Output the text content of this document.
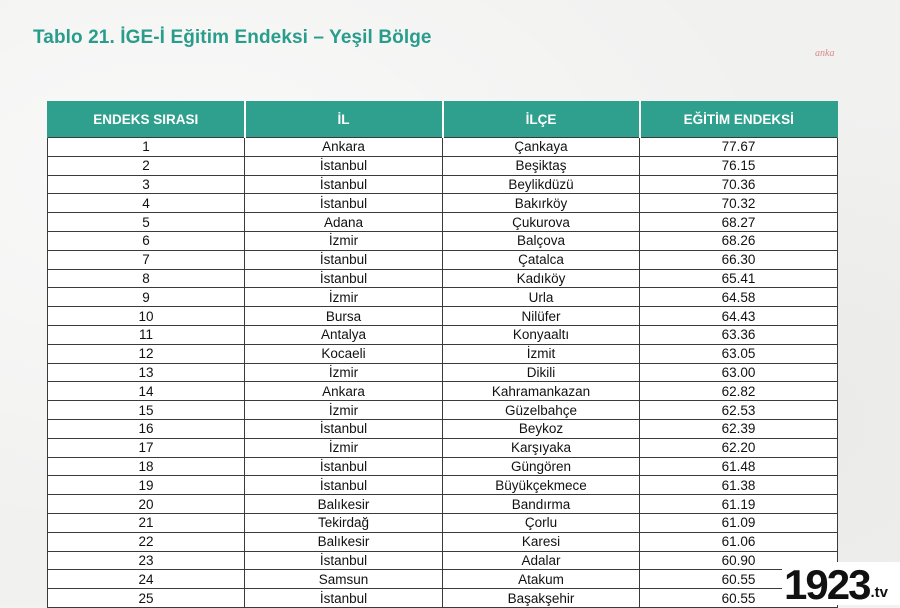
Tablo 21. İGE-İ Eğitim Endeksi – Yeşil Bölge
anka
ENDEKS SIRASI	İL	İLÇE	EĞİTİM ENDEKSİ
1	Ankara	Çankaya	77.67
2	İstanbul	Beşiktaş	76.15
3	İstanbul	Beylikdüzü	70.36
4	İstanbul	Bakırköy	70.32
5	Adana	Çukurova	68.27
6	İzmir	Balçova	68.26
7	İstanbul	Çatalca	66.30
8	İstanbul	Kadıköy	65.41
9	İzmir	Urla	64.58
10	Bursa	Nilüfer	64.43
11	Antalya	Konyaaltı	63.36
12	Kocaeli	İzmit	63.05
13	İzmir	Dikili	63.00
14	Ankara	Kahramankazan	62.82
15	İzmir	Güzelbahçe	62.53
16	İstanbul	Beykoz	62.39
17	İzmir	Karşıyaka	62.20
18	İstanbul	Güngören	61.48
19	İstanbul	Büyükçekmece	61.38
20	Balıkesir	Bandırma	61.19
21	Tekirdağ	Çorlu	61.09
22	Balıkesir	Karesi	61.06
23	İstanbul	Adalar	60.90
24	Samsun	Atakum	60.55
25	İstanbul	Başakşehir	60.55 1923 .tv
